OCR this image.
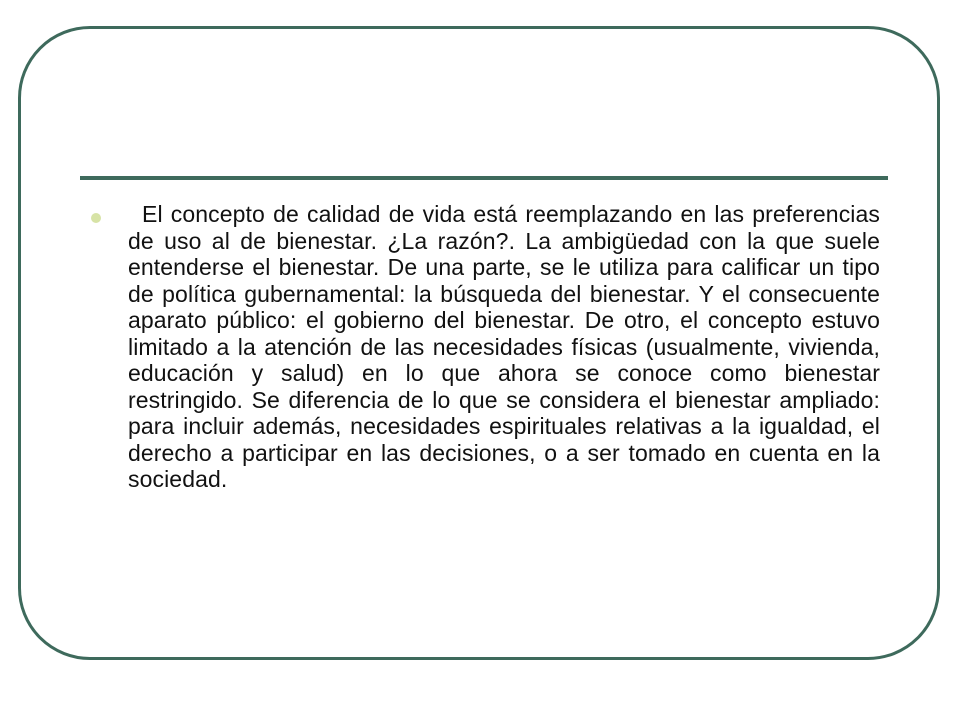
El concepto de calidad de vida está reemplazando en las preferencias de uso al de bienestar. ¿La razón?. La ambigüedad con la que suele entenderse el bienestar. De una parte, se le utiliza para calificar un tipo de política gubernamental: la búsqueda del bienestar. Y el consecuente aparato público: el gobierno del bienestar. De otro, el concepto estuvo limitado a la atención de las necesidades físicas (usualmente, vivienda, educación y salud) en lo que ahora se conoce como bienestar restringido. Se diferencia de lo que se considera el bienestar ampliado: para incluir además, necesidades espirituales relativas a la igualdad, el derecho a participar en las decisiones, o a ser tomado en cuenta en la sociedad.
